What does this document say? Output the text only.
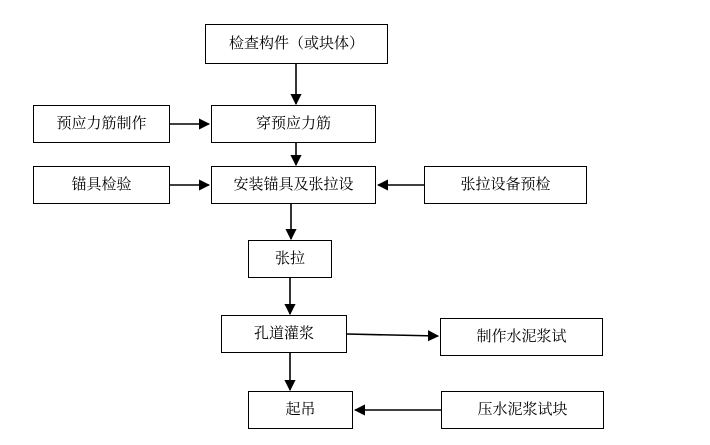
检查构件（或块体）
预应力筋制作	穿预应力筋
锚具检验	安装锚具及张拉设	张拉设备预检
张拉
孔道灌浆	制作水泥浆试
起吊	压水泥浆试块
